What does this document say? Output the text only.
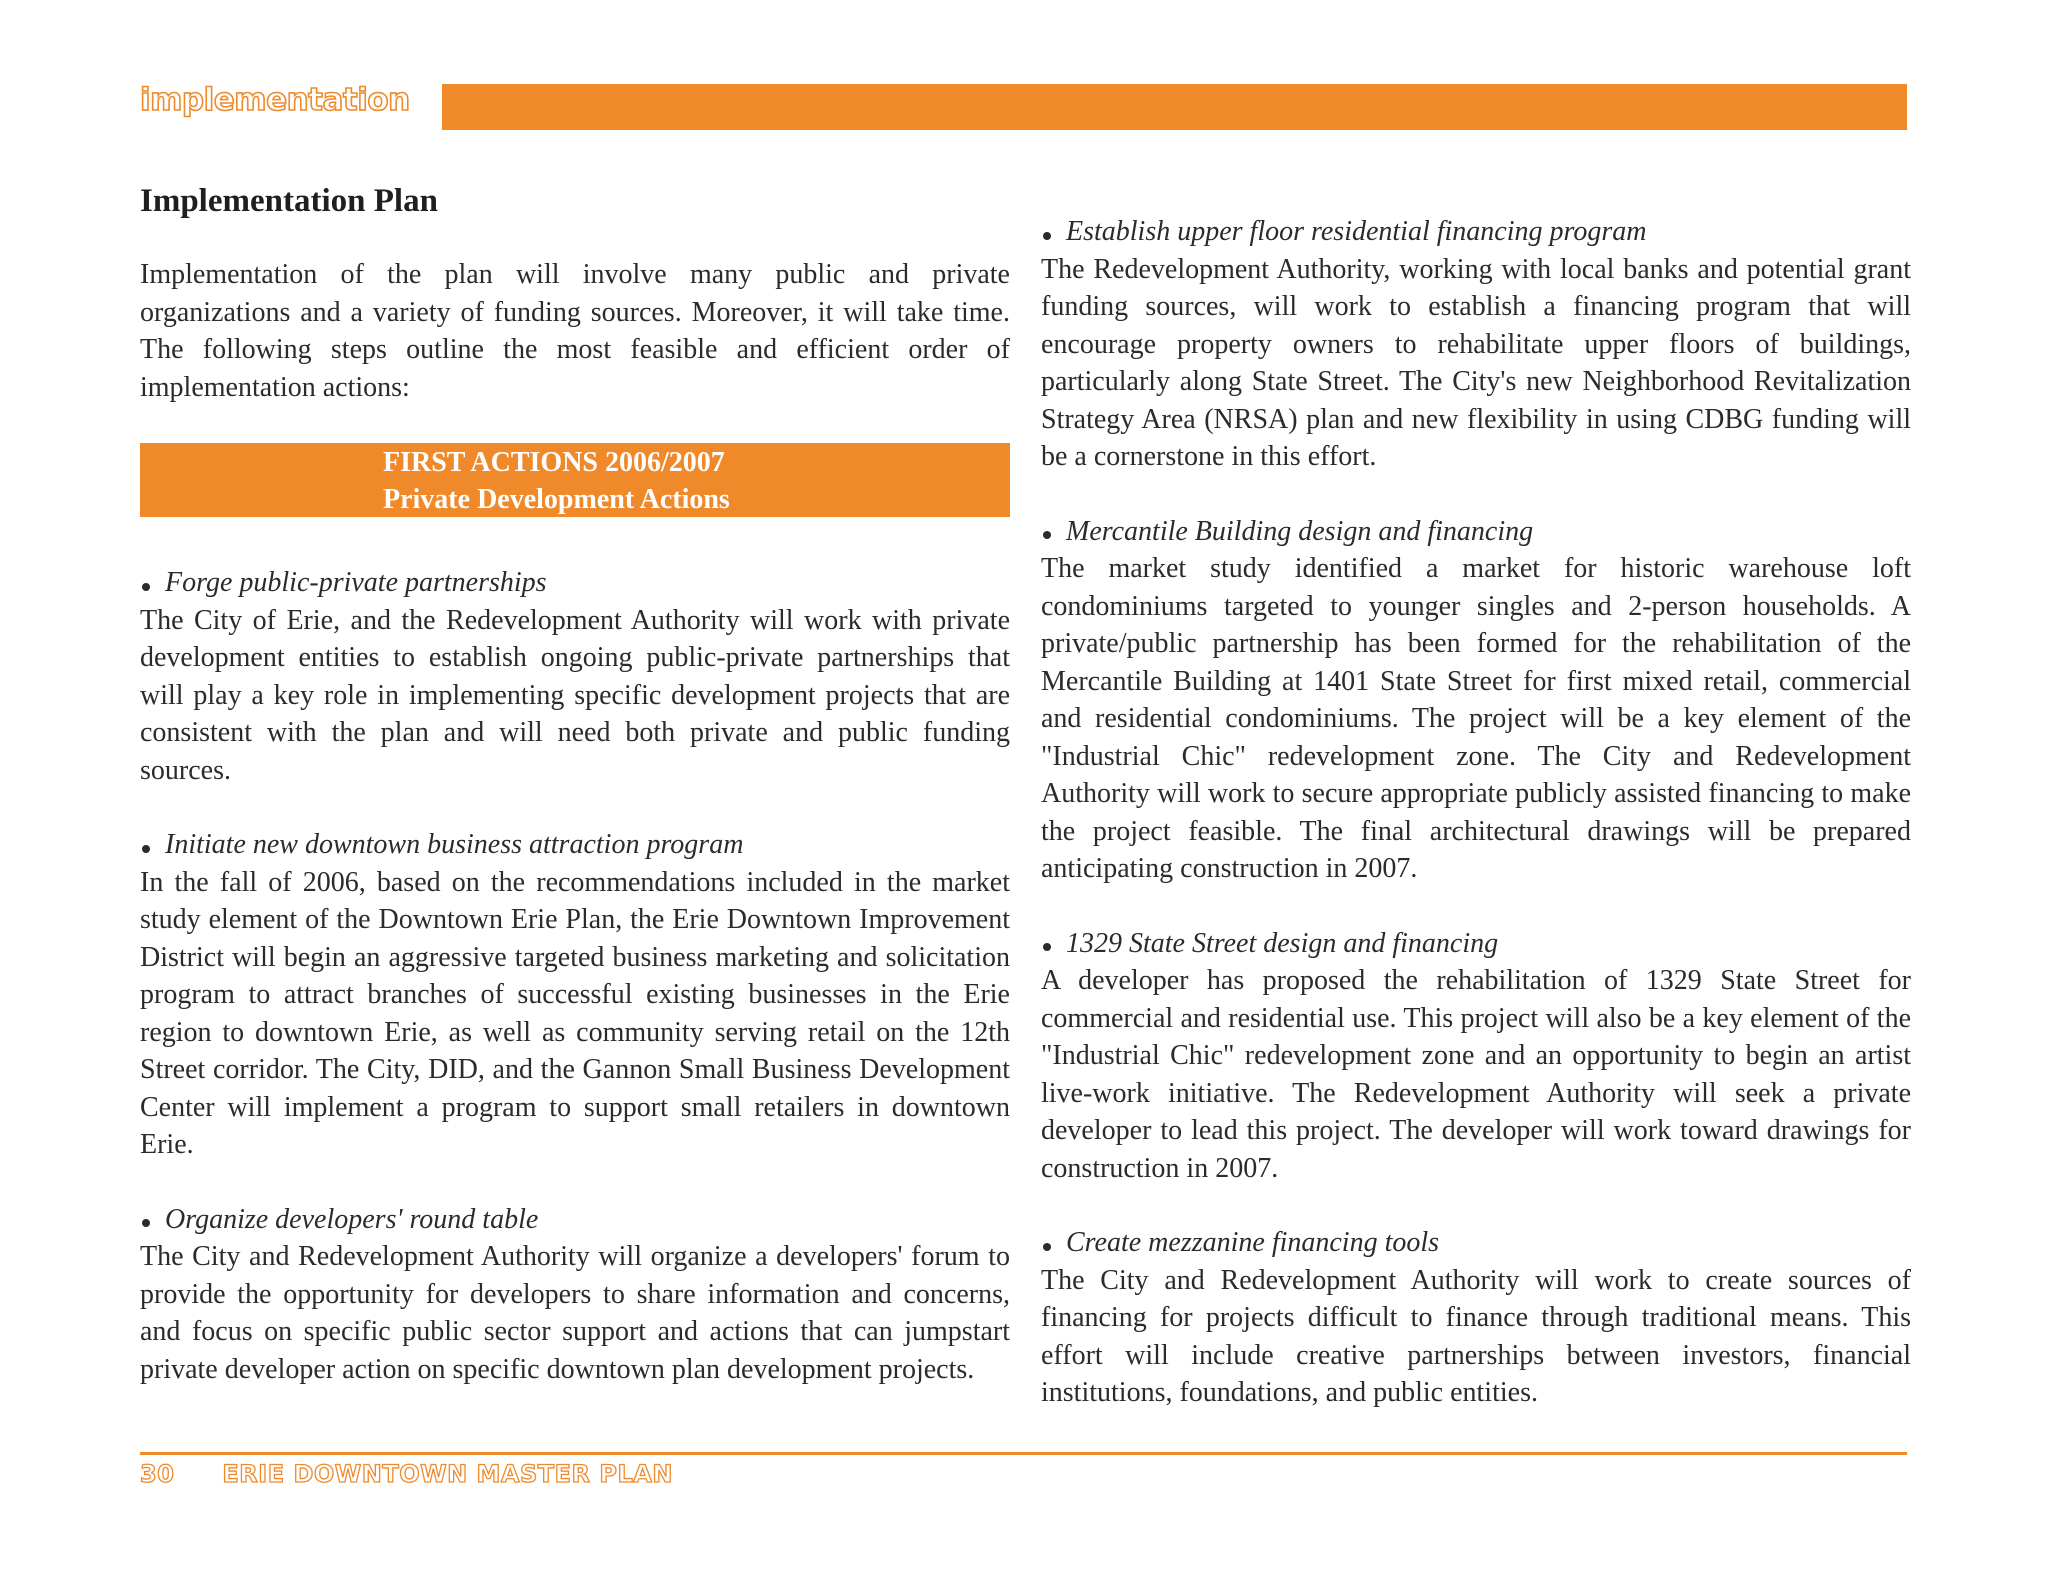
implementation
Implementation Plan

Implementation of the plan will involve many public and private organizations and a variety of funding sources. Moreover, it will take time. The following steps outline the most feasible and efficient order of implementation actions:

FIRST ACTIONS 2006/2007
Private Development Actions
Forge public-private partnerships

The City of Erie, and the Redevelopment Authority will work with private development entities to establish ongoing public-private partnerships that will play a key role in implementing specific development projects that are consistent with the plan and will need both private and public funding sources.

Initiate new downtown business attraction program

In the fall of 2006, based on the recommendations included in the market study element of the Downtown Erie Plan, the Erie Downtown Improvement District will begin an aggressive targeted business marketing and solicitation program to attract branches of successful existing businesses in the Erie region to downtown Erie, as well as community serving retail on the 12th Street corridor. The City, DID, and the Gannon Small Business Development Center will implement a program to support small retailers in downtown Erie.

Organize developers' round table

The City and Redevelopment Authority will organize a developers' forum to provide the opportunity for developers to share information and concerns, and focus on specific public sector support and actions that can jumpstart private developer action on specific downtown plan development projects.

Establish upper floor residential financing program

The Redevelopment Authority, working with local banks and potential grant funding sources, will work to establish a financing program that will encourage property owners to rehabilitate upper floors of buildings, particularly along State Street. The City's new Neighborhood Revitalization Strategy Area (NRSA) plan and new flexibility in using CDBG funding will be a cornerstone in this effort.

Mercantile Building design and financing

The market study identified a market for historic warehouse loft condominiums targeted to younger singles and 2-person households. A private/public partnership has been formed for the rehabilitation of the Mercantile Building at 1401 State Street for first mixed retail, commercial and residential condominiums. The project will be a key element of the "Industrial Chic" redevelopment zone. The City and Redevelopment Authority will work to secure appropriate publicly assisted financing to make the project feasible. The final architectural drawings will be prepared anticipating construction in 2007.

1329 State Street design and financing

A developer has proposed the rehabilitation of 1329 State Street for commercial and residential use. This project will also be a key element of the "Industrial Chic" redevelopment zone and an opportunity to begin an artist live-work initiative. The Redevelopment Authority will seek a private developer to lead this project. The developer will work toward drawings for construction in 2007.

Create mezzanine financing tools

The City and Redevelopment Authority will work to create sources of financing for projects difficult to finance through traditional means. This effort will include creative partnerships between investors, financial institutions, foundations, and public entities.

30 ERIE DOWNTOWN MASTER PLAN
